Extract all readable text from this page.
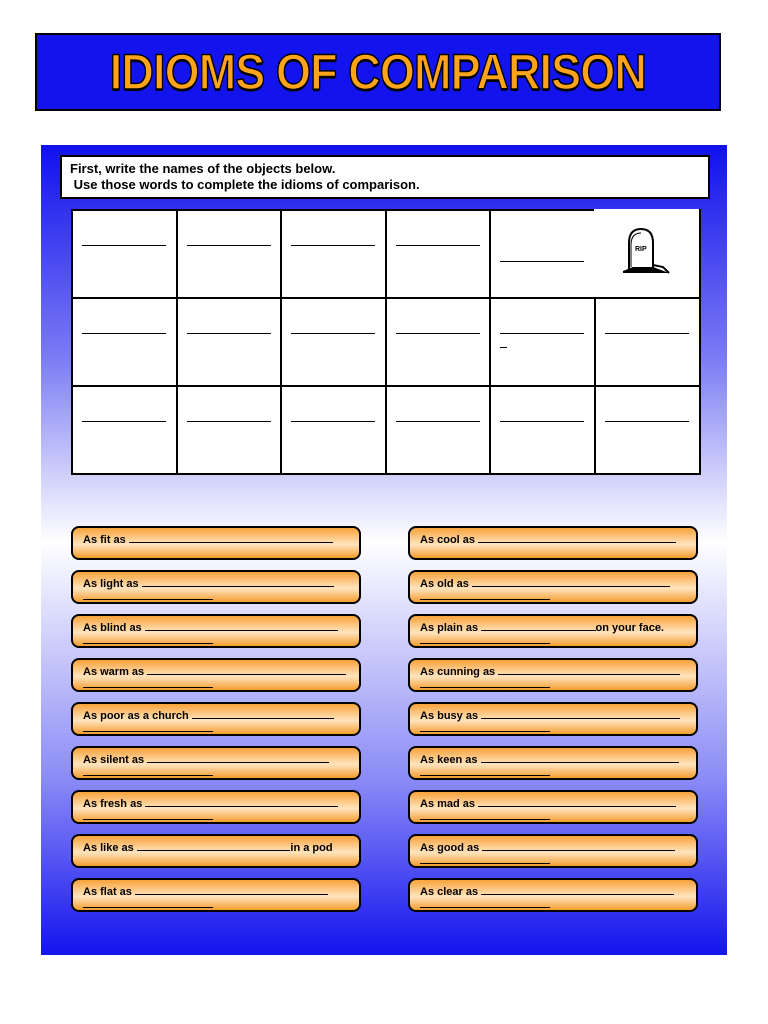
IDIOMS OF COMPARISON
First, write the names of the objects below.
Use those words to complete the idioms of comparison.
RIP
As fit as
As light as
As blind as
As warm as
As poor as a church
As silent as
As fresh as
As like as	in a pod
As flat as
As cool as
As old as
As plain as	on your face.
As cunning as
As busy as
As keen as
As mad as
As good as
As clear as
